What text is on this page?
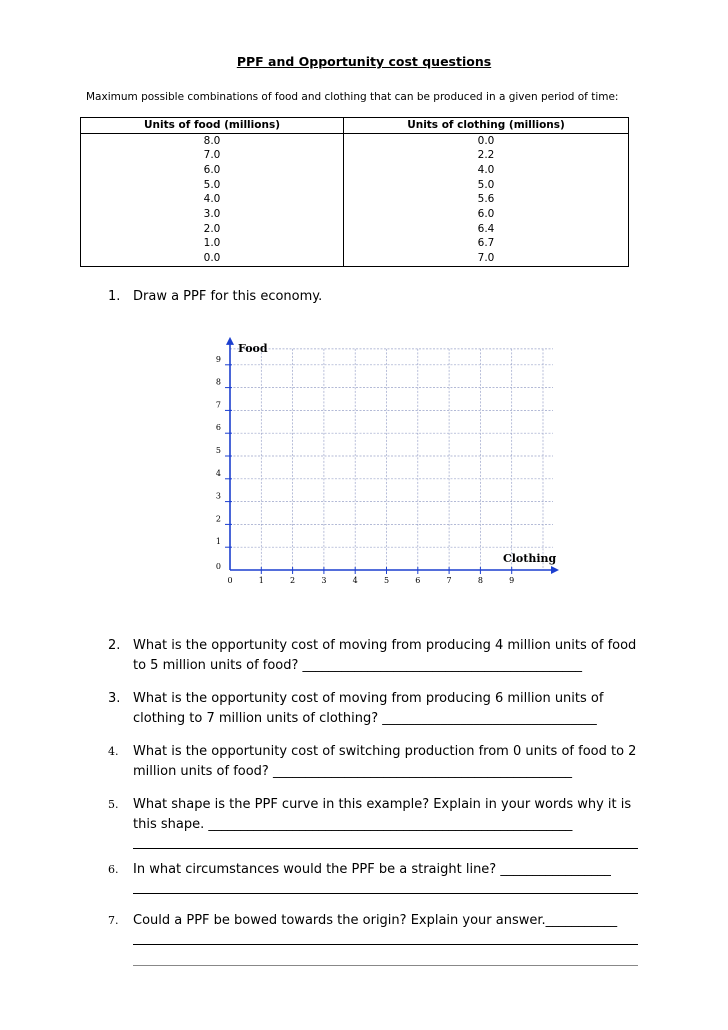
PPF and Opportunity cost questions
Maximum possible combinations of food and clothing that can be produced in a given period of time:
Units of food (millions)	Units of clothing (millions)
8.0	0.0
7.0	2.2
6.0	4.0
5.0	5.0
4.0	5.6
3.0	6.0
2.0	6.4
1.0	6.7
0.0	7.0
1. Draw a PPF for this economy.
0	1	2	3	4	5	6	7	8	9
0
1
2
3
4
5
6
7
8
9
Food
Clothing
2. What is the opportunity cost of moving from producing 4 million units of food
to 5 million units of food? ___________________________________________
3. What is the opportunity cost of moving from producing 6 million units of
clothing to 7 million units of clothing? _________________________________
4.	What is the opportunity cost of switching production from 0 units of food to 2
million units of food? ______________________________________________
5.	What shape is the PPF curve in this example? Explain in your words why it is
this shape. ________________________________________________________
6.	In what circumstances would the PPF be a straight line? _________________
7.	Could a PPF be bowed towards the origin? Explain your answer.___________
